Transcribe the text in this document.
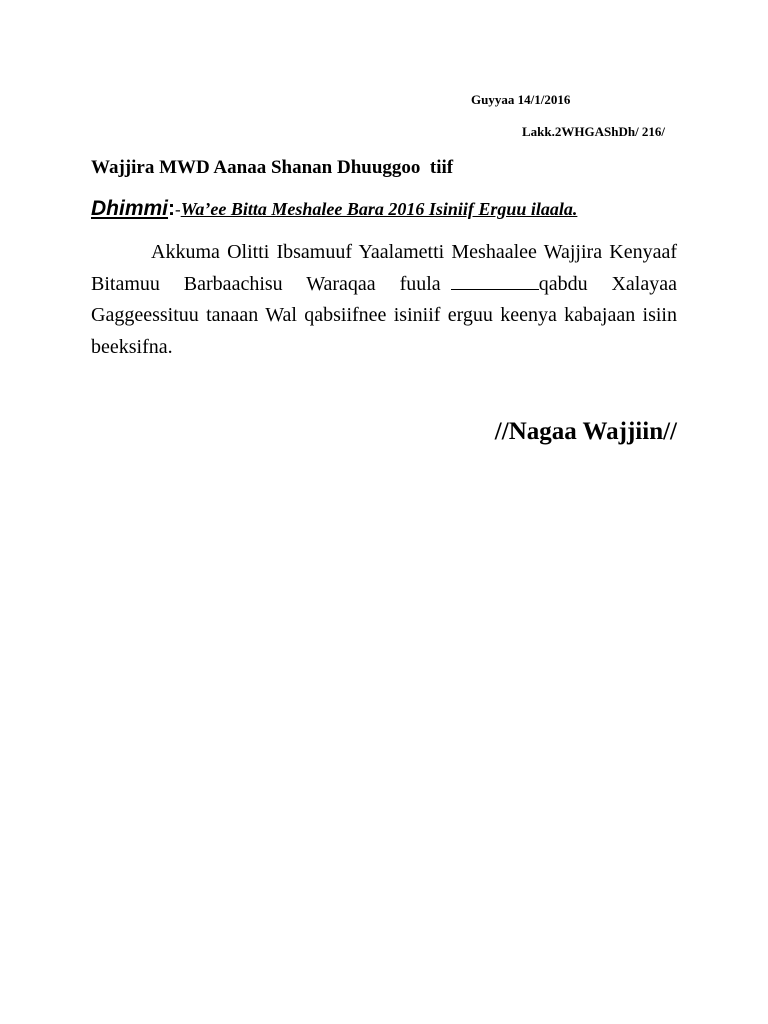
Guyyaa 14/1/2016
Lakk.2WHGAShDh/ 216/
Wajjira MWD Aanaa Shanan Dhuuggoo  tiif
Dhimmi:-Wa’ee Bitta Meshalee Bara 2016 Isiniif Erguu ilaala.

Akkuma Olitti Ibsamuuf Yaalametti Meshaalee Wajjira Kenyaaf Bitamuu Barbaachisu Waraqaa fuula	qabdu Xalayaa Gaggeessituu tanaan Wal qabsiifnee isiniif erguu keenya kabajaan isiin beeksifna.

//Nagaa Wajjiin//
